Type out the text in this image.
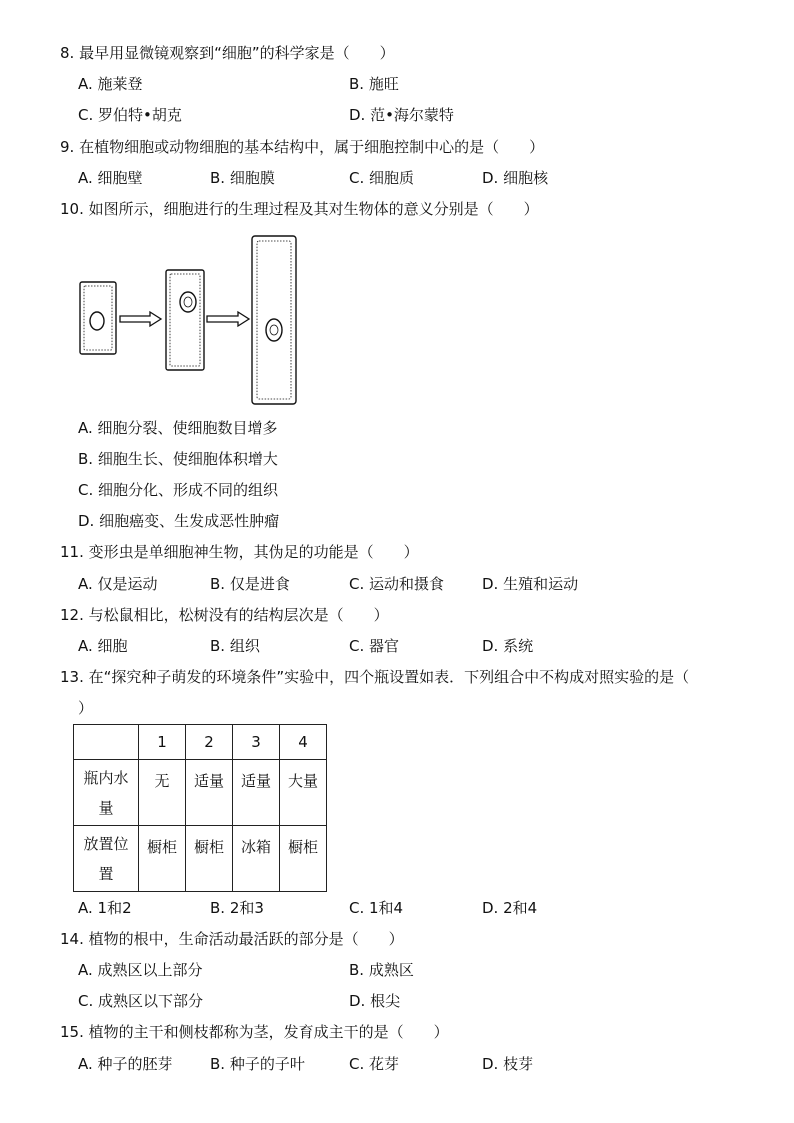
8. 最早用显微镜观察到“细胞”的科学家是（　　）
A. 施莱登	B. 施旺
C. 罗伯特•胡克	D. 范•海尔蒙特
9. 在植物细胞或动物细胞的基本结构中，属于细胞控制中心的是（　　）
A. 细胞壁	B. 细胞膜	C. 细胞质	D. 细胞核
10. 如图所示，细胞进行的生理过程及其对生物体的意义分别是（　　）
A. 细胞分裂、使细胞数目增多
B. 细胞生长、使细胞体积增大
C. 细胞分化、形成不同的组织
D. 细胞癌变、生发成恶性肿瘤
11. 变形虫是单细胞神生物，其伪足的功能是（　　）
A. 仅是运动	B. 仅是进食	C. 运动和摄食	D. 生殖和运动
12. 与松鼠相比，松树没有的结构层次是（　　）
A. 细胞	B. 组织	C. 器官	D. 系统
13. 在“探究种子萌发的环境条件”实验中，四个瓶设置如表．下列组合中不构成对照实验的是（
）
	1	2	3	4

瓶内水
量	无	适量	适量	大量

放置位
置	橱柜	橱柜	冰箱	橱柜
A. 1和2	B. 2和3	C. 1和4	D. 2和4
14. 植物的根中，生命活动最活跃的部分是（　　）
A. 成熟区以上部分	B. 成熟区
C. 成熟区以下部分	D. 根尖
15. 植物的主干和侧枝都称为茎，发育成主干的是（　　）
A. 种子的胚芽 B. 种子的子叶	C. 花芽	D. 枝芽
